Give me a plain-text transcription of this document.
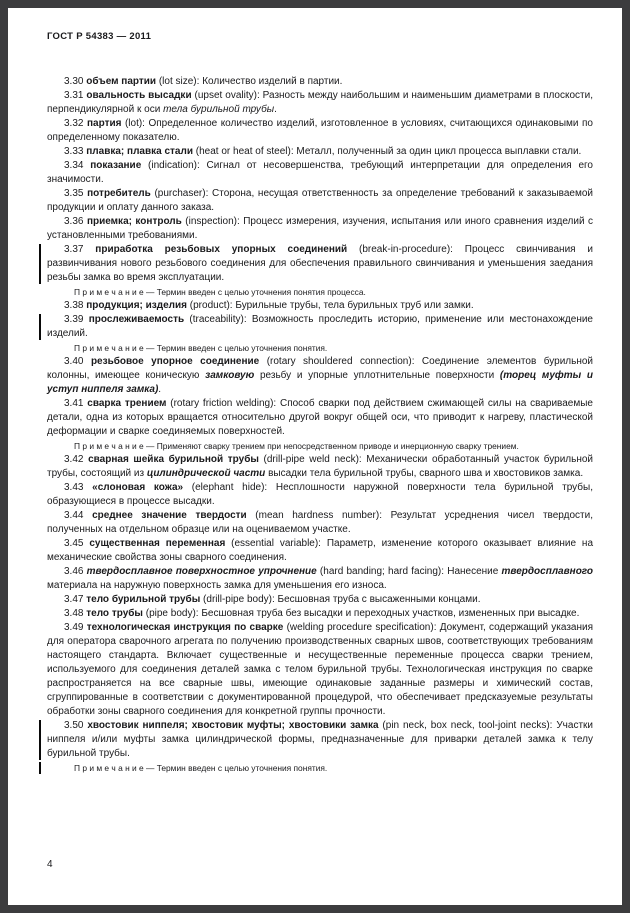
ГОСТ Р 54383 — 2011

3.30 объем партии (lot size): Количество изделий в партии.

3.31 овальность высадки (upset ovality): Разность между наибольшим и наименьшим диаметрами в плоскости, перпендикулярной к оси тела бурильной трубы.

3.32 партия (lot): Определенное количество изделий, изготовленное в условиях, считающихся одинаковыми по определенному показателю.

3.33 плавка; плавка стали (heat or heat of steel): Металл, полученный за один цикл процесса выплавки стали.

3.34 показание (indication): Сигнал от несовершенства, требующий интерпретации для определения его значимости.

3.35 потребитель (purchaser): Сторона, несущая ответственность за определение требований к заказываемой продукции и оплату данного заказа.

3.36 приемка; контроль (inspection): Процесс измерения, изучения, испытания или иного сравнения изделий с установленными требованиями.

3.37 приработка резьбовых упорных соединений (break-in-procedure): Процесс свинчивания и развинчивания нового резьбового соединения для обеспечения правильного свинчивания и уменьшения заедания резьбы замка во время эксплуатации.

П р и м е ч а н и е — Термин введен с целью уточнения понятия процесса.

3.38 продукция; изделия (product): Бурильные трубы, тела бурильных труб или замки.

3.39 прослеживаемость (traceability): Возможность проследить историю, применение или местонахождение изделий.

П р и м е ч а н и е — Термин введен с целью уточнения понятия.

3.40 резьбовое упорное соединение (rotary shouldered connection): Соединение элементов бурильной колонны, имеющее коническую замковую резьбу и упорные уплотнительные поверхности (торец муфты и уступ ниппеля замка).

3.41 сварка трением (rotary friction welding): Способ сварки под действием сжимающей силы на свариваемые детали, одна из которых вращается относительно другой вокруг общей оси, что приводит к нагреву, пластической деформации и сварке соединяемых поверхностей.

П р и м е ч а н и е — Применяют сварку трением при непосредственном приводе и инерционную сварку трением.

3.42 сварная шейка бурильной трубы (drill-pipe weld neck): Механически обработанный участок бурильной трубы, состоящий из цилиндрической части высадки тела бурильной трубы, сварного шва и хвостовиков замка.

3.43 «слоновая кожа» (elephant hide): Несплошности наружной поверхности тела бурильной трубы, образующиеся в процессе высадки.

3.44 среднее значение твердости (mean hardness number): Результат усреднения чисел твердости, полученных на отдельном образце или на оцениваемом участке.

3.45 существенная переменная (essential variable): Параметр, изменение которого оказывает влияние на механические свойства зоны сварного соединения.

3.46 твердосплавное поверхностное упрочнение (hard banding; hard facing): Нанесение твердосплавного материала на наружную поверхность замка для уменьшения его износа.

3.47 тело бурильной трубы (drill-pipe body): Бесшовная труба с высаженными концами.

3.48 тело трубы (pipe body): Бесшовная труба без высадки и переходных участков, измененных при высадке.

3.49 технологическая инструкция по сварке (welding procedure specification): Документ, содержащий указания для оператора сварочного агрегата по получению производственных сварных швов, соответствующих требованиям настоящего стандарта. Включает существенные и несущественные переменные процесса сварки трением, используемого для соединения деталей замка с телом бурильной трубы. Технологическая инструкция по сварке распространяется на все сварные швы, имеющие одинаковые заданные размеры и химический состав, сгруппированные в соответствии с документированной процедурой, что обеспечивает предсказуемые результаты обработки зоны сварного соединения для конкретной группы прочности.

3.50 хвостовик ниппеля; хвостовик муфты; хвостовики замка (pin neck, box neck, tool-joint necks): Участки ниппеля и/или муфты замка цилиндрической формы, предназначенные для приварки деталей замка к телу бурильной трубы.

П р и м е ч а н и е — Термин введен с целью уточнения понятия.

4
